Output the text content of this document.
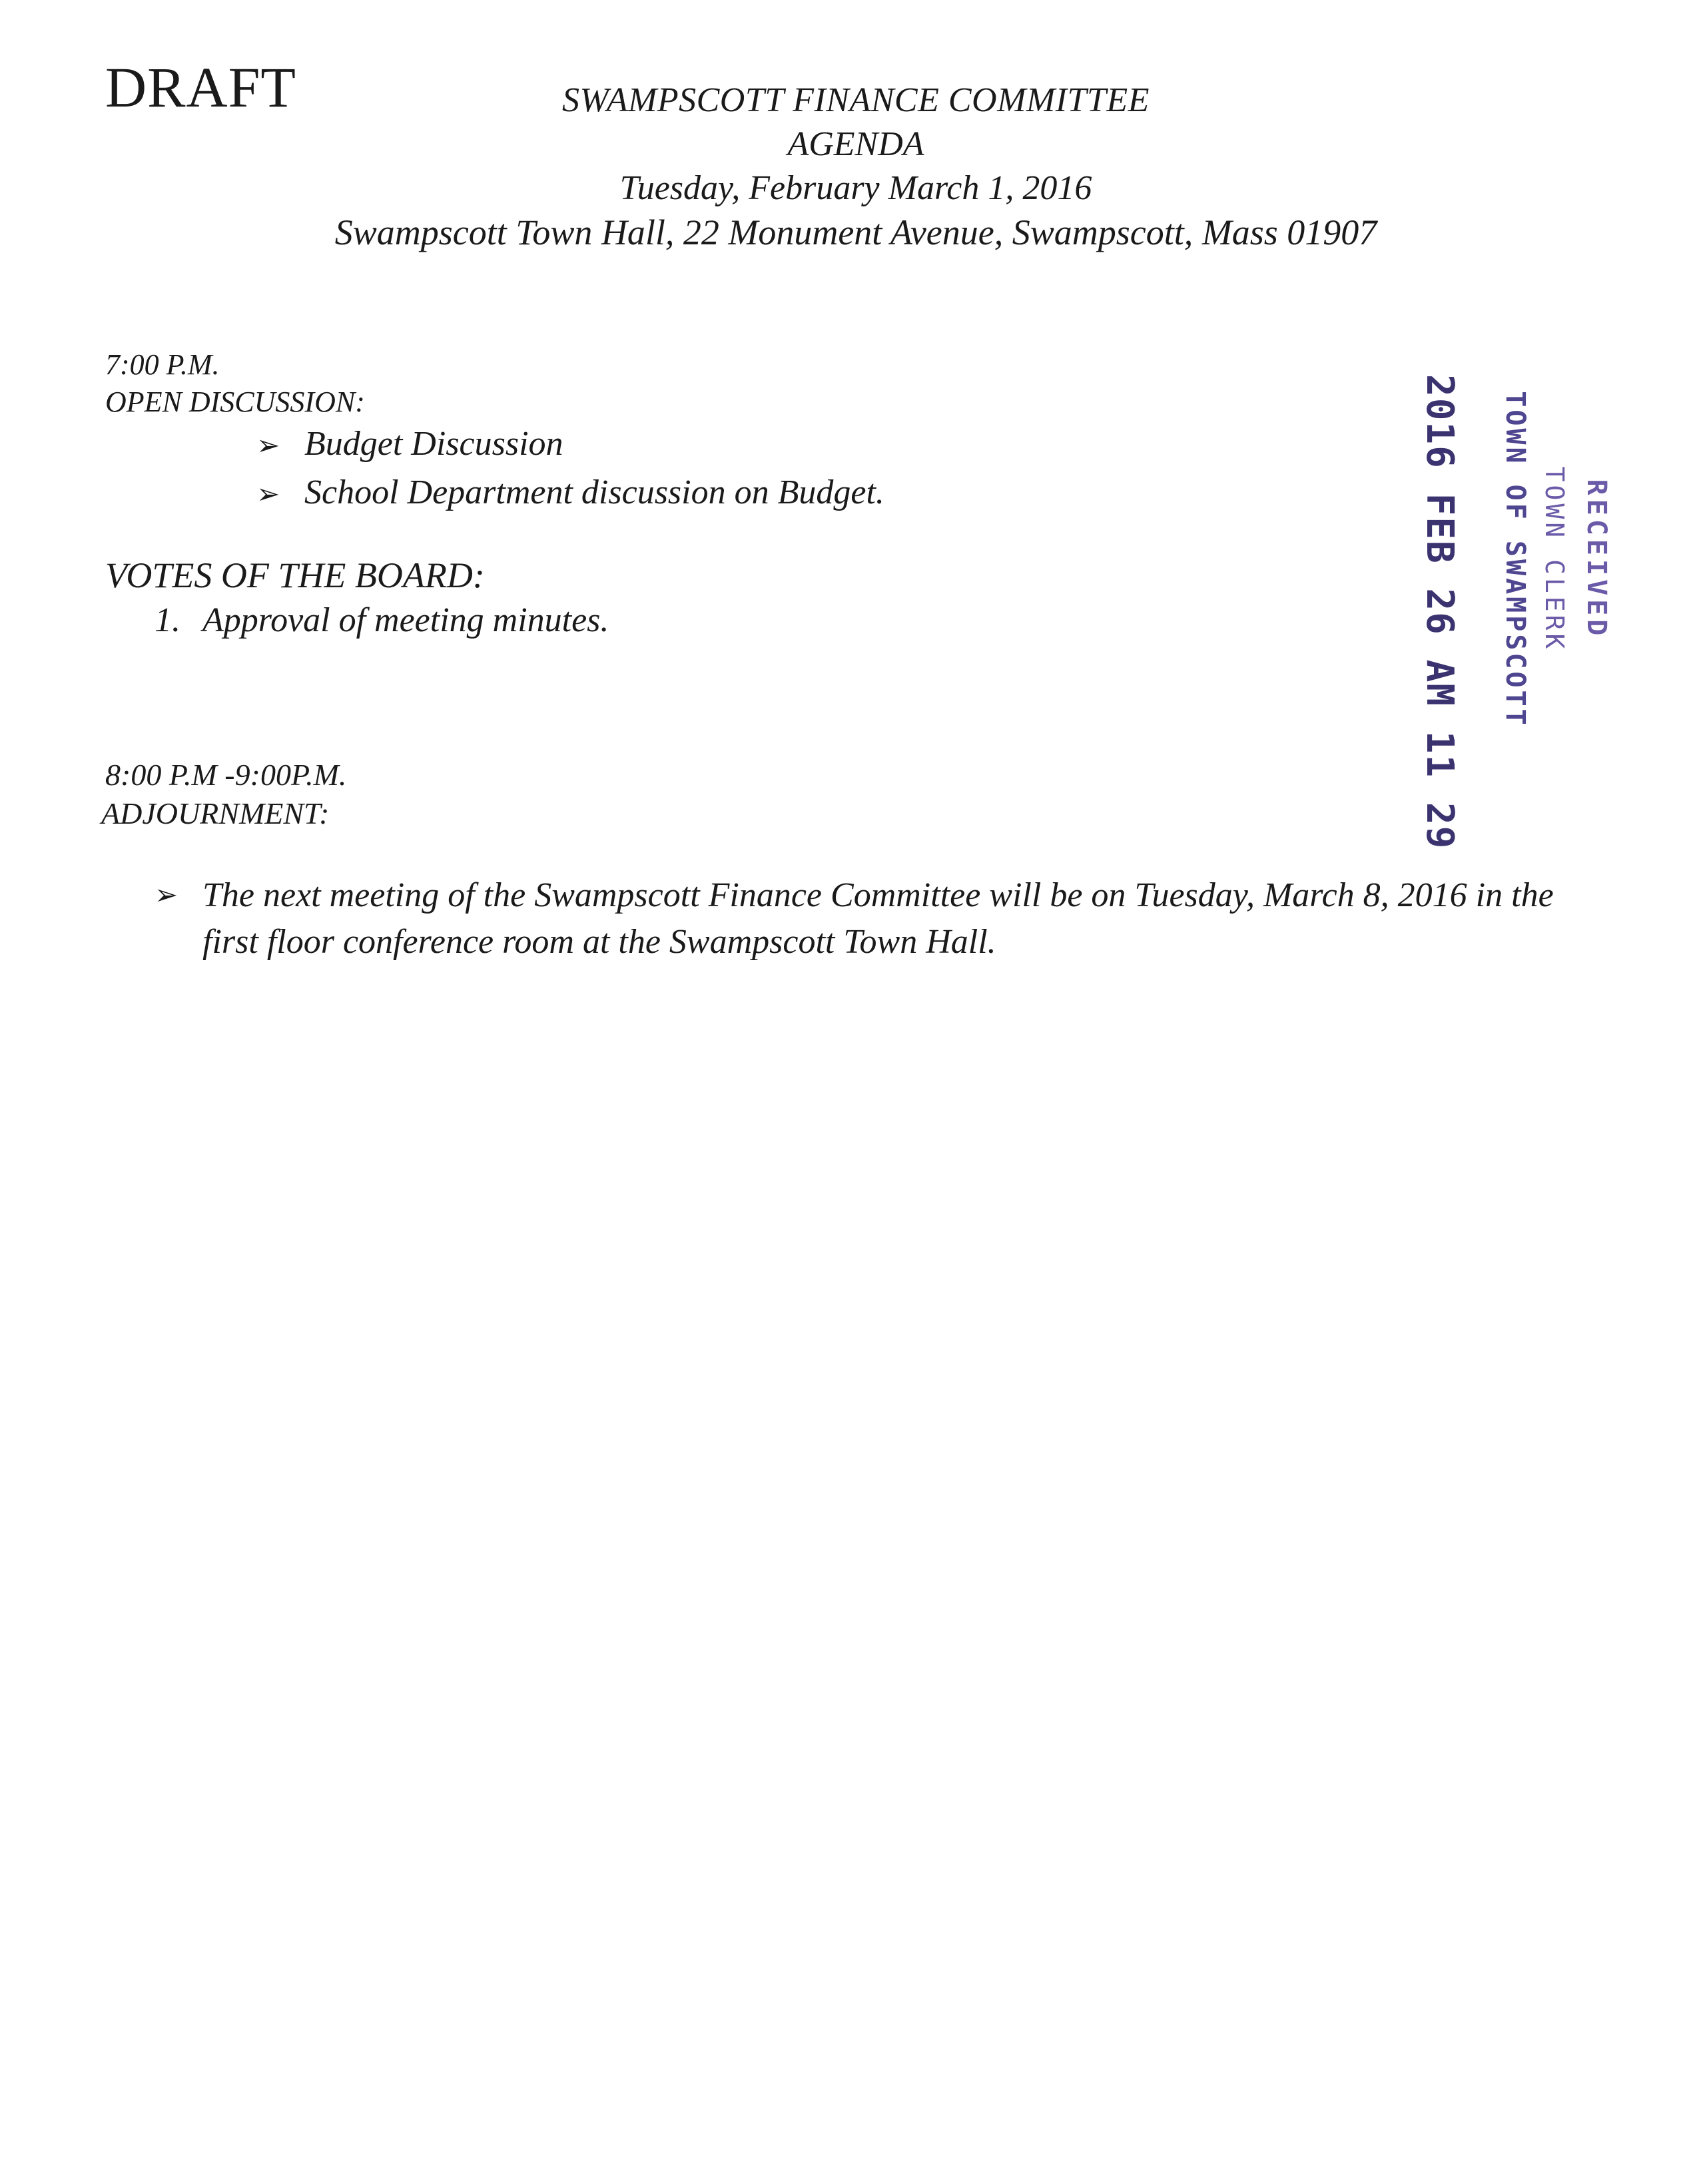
DRAFT	SWAMPSCOTT FINANCE COMMITTEE
AGENDA
Tuesday, February March 1, 2016
Swampscott Town Hall, 22 Monument Avenue, Swampscott, Mass 01907
7:00 P.M.
OPEN DISCUSSION:
➢ Budget Discussion
➢ School Department discussion on Budget.
VOTES OF THE BOARD:
1. Approval of meeting minutes.
8:00 P.M -9:00P.M.
ADJOURNMENT:
➢ The next meeting of the Swampscott Finance Committee will be on Tuesday, March 8, 2016 in the first floor conference room at the Swampscott Town Hall.
RECEIVED
TOWN CLERK
TOWN OF SWAMPSCOTT
2016 FEB 26 AM 11 29
